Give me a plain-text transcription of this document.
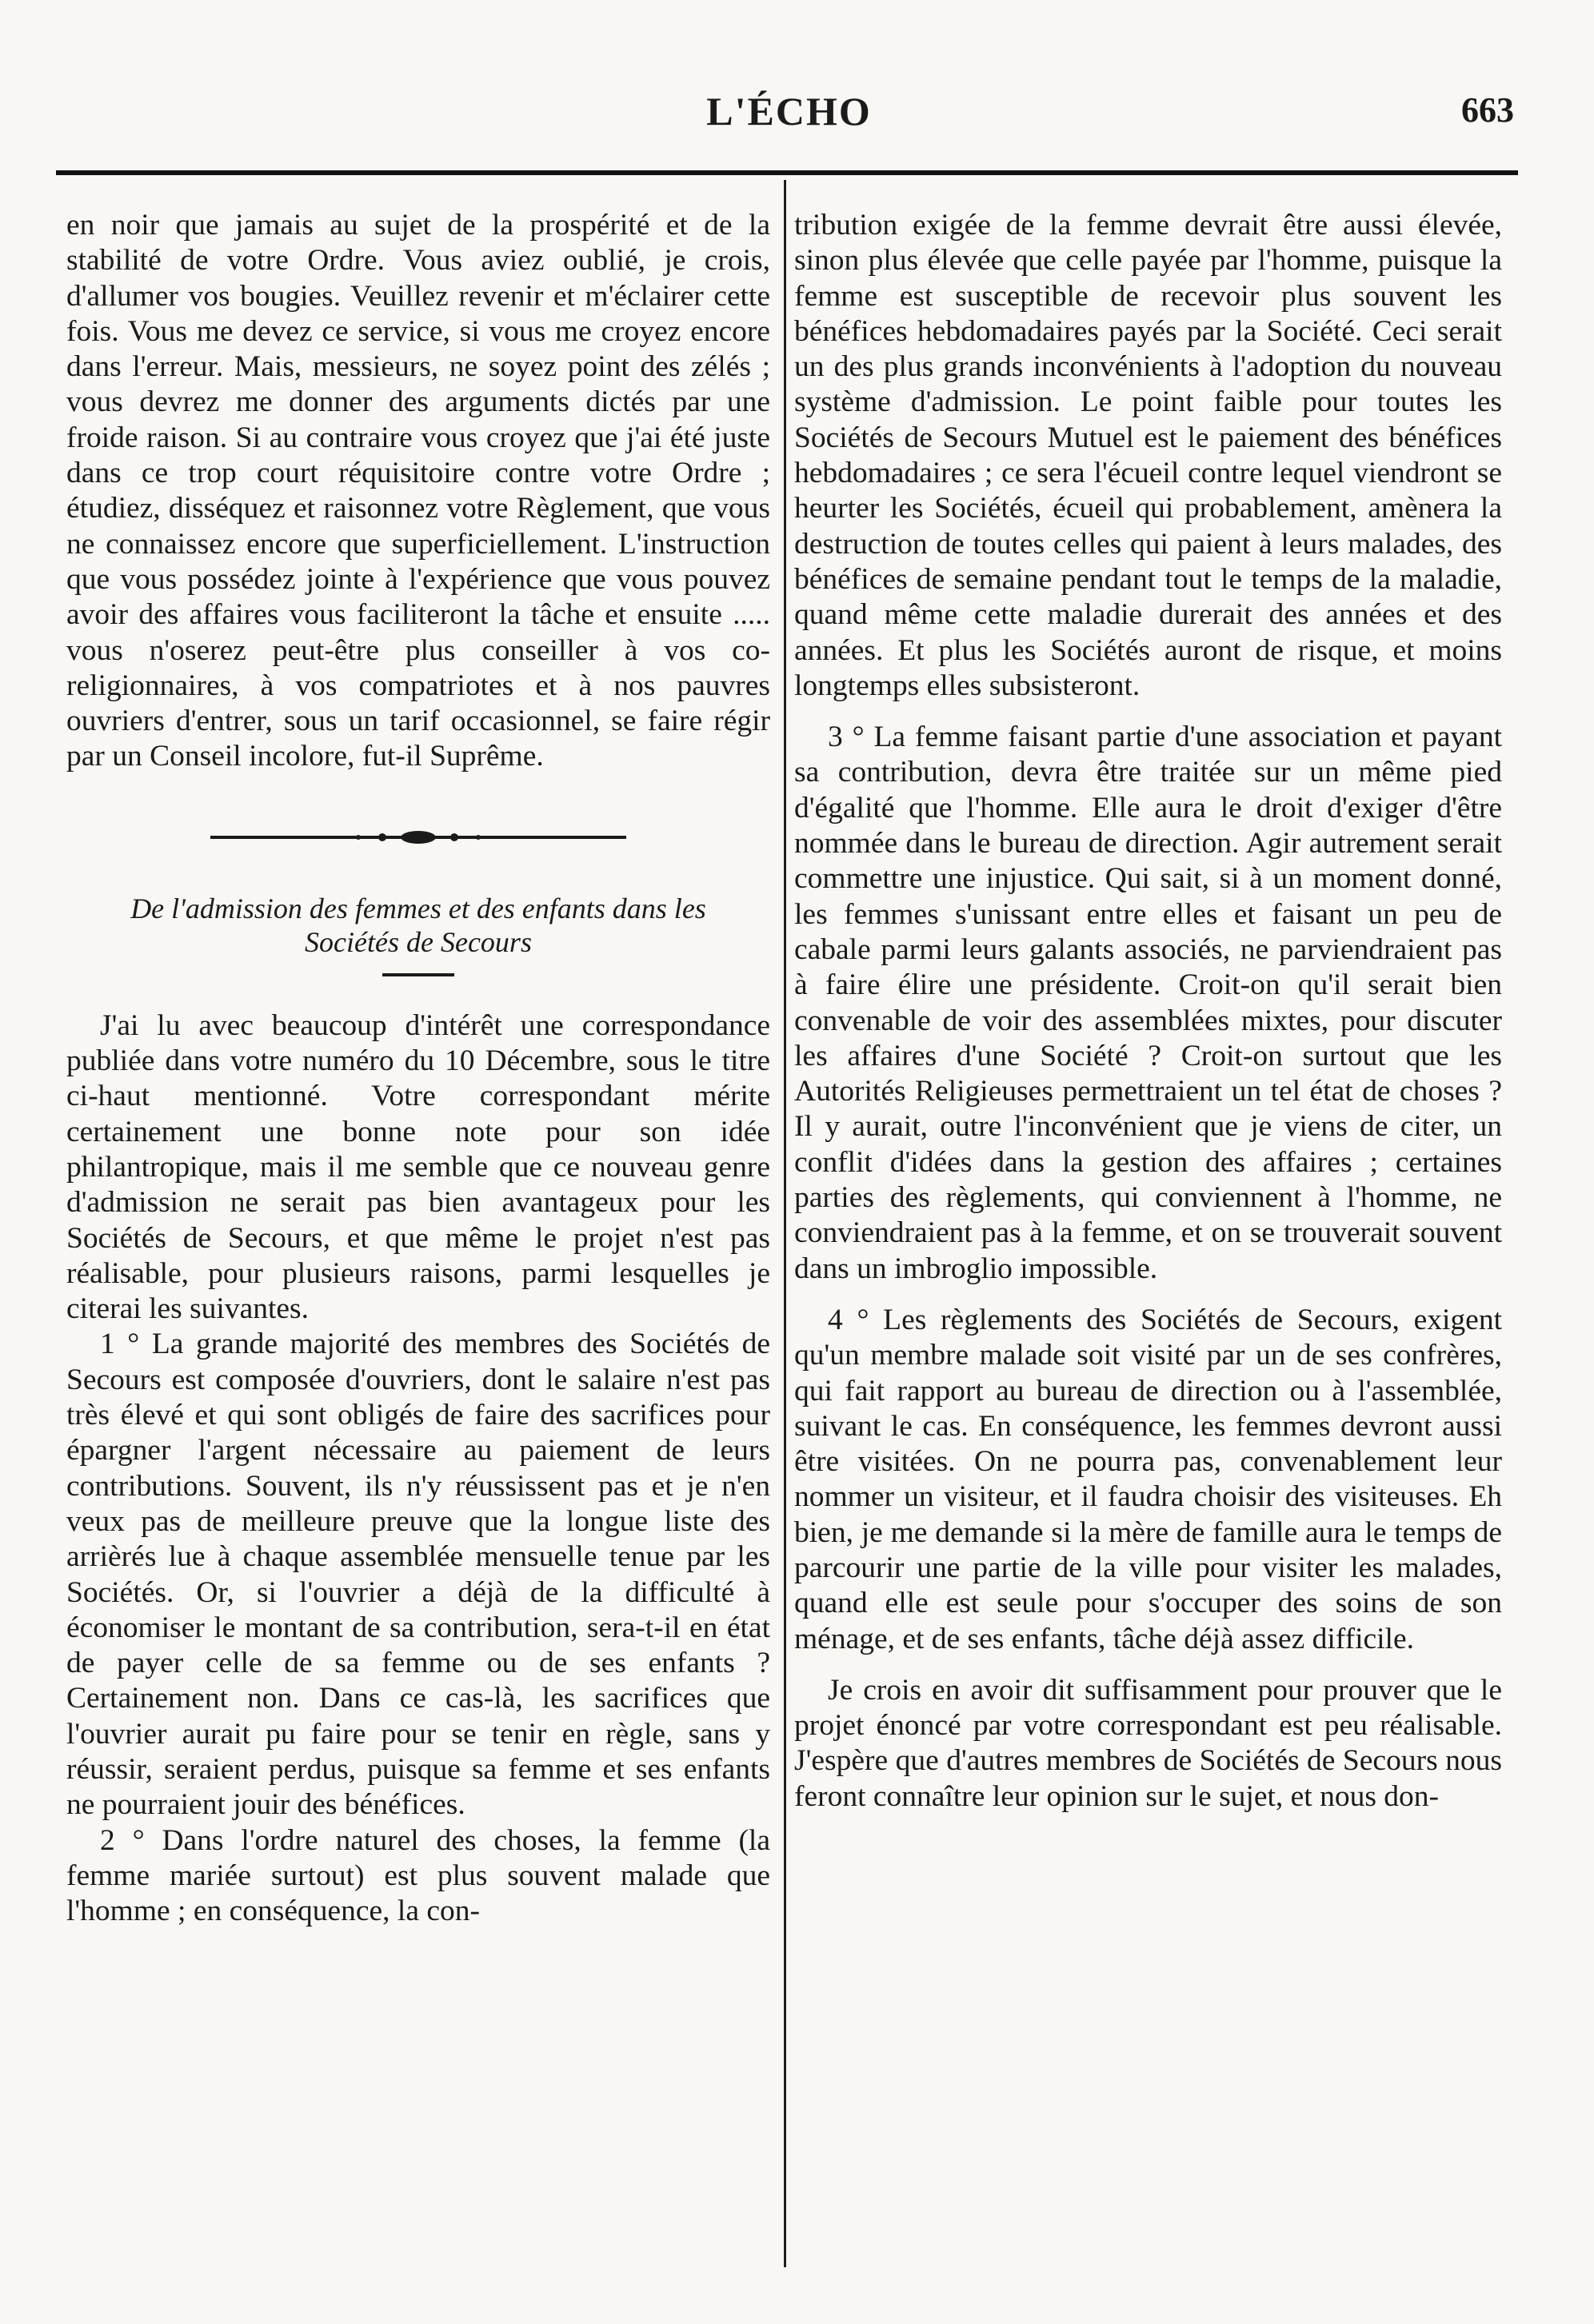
L'ÉCHO	663

en noir que jamais au sujet de la prospérité et de la stabilité de votre Ordre. Vous aviez oublié, je crois, d'allumer vos bougies. Veuillez revenir et m'éclairer cette fois. Vous me devez ce service, si vous me croyez encore dans l'erreur. Mais, messieurs, ne soyez point des zélés ; vous devrez me donner des arguments dictés par une froide raison. Si au contraire vous croyez que j'ai été juste dans ce trop court réquisitoire contre votre Ordre ; étudiez, disséquez et raisonnez votre Règlement, que vous ne connaissez encore que superficiellement. L'instruction que vous possédez jointe à l'expérience que vous pouvez avoir des affaires vous faciliteront la tâche et ensuite ..... vous n'oserez peut-être plus conseiller à vos co-religionnaires, à vos compatriotes et à nos pauvres ouvriers d'entrer, sous un tarif occasionnel, se faire régir par un Conseil incolore, fut-il Suprême.

De l'admission des femmes et des enfants dans les
Sociétés de Secours

J'ai lu avec beaucoup d'intérêt une correspondance publiée dans votre numéro du 10 Décembre, sous le titre ci-haut mentionné. Votre correspondant mérite certainement une bonne note pour son idée philantropique, mais il me semble que ce nouveau genre d'admission ne serait pas bien avantageux pour les Sociétés de Secours, et que même le projet n'est pas réalisable, pour plusieurs raisons, parmi lesquelles je citerai les suivantes.

1 ° La grande majorité des membres des Sociétés de Secours est composée d'ouvriers, dont le salaire n'est pas très élevé et qui sont obligés de faire des sacrifices pour épargner l'argent nécessaire au paiement de leurs contributions. Souvent, ils n'y réussissent pas et je n'en veux pas de meilleure preuve que la longue liste des arrièrés lue à chaque assemblée mensuelle tenue par les Sociétés. Or, si l'ouvrier a déjà de la difficulté à économiser le montant de sa contribution, sera-t-il en état de payer celle de sa femme ou de ses enfants ? Certainement non. Dans ce cas-là, les sacrifices que l'ouvrier aurait pu faire pour se tenir en règle, sans y réussir, seraient perdus, puisque sa femme et ses enfants ne pourraient jouir des bénéfices.

2 ° Dans l'ordre naturel des choses, la femme (la femme mariée surtout) est plus souvent malade que l'homme ; en conséquence, la con-

tribution exigée de la femme devrait être aussi élevée, sinon plus élevée que celle payée par l'homme, puisque la femme est susceptible de recevoir plus souvent les bénéfices hebdomadaires payés par la Société. Ceci serait un des plus grands inconvénients à l'adoption du nouveau système d'admission. Le point faible pour toutes les Sociétés de Secours Mutuel est le paiement des bénéfices hebdomadaires ; ce sera l'écueil contre lequel viendront se heurter les Sociétés, écueil qui probablement, amènera la destruction de toutes celles qui paient à leurs malades, des bénéfices de semaine pendant tout le temps de la maladie, quand même cette maladie durerait des années et des années. Et plus les Sociétés auront de risque, et moins longtemps elles subsisteront.

3 ° La femme faisant partie d'une association et payant sa contribution, devra être traitée sur un même pied d'égalité que l'homme. Elle aura le droit d'exiger d'être nommée dans le bureau de direction. Agir autrement serait commettre une injustice. Qui sait, si à un moment donné, les femmes s'unissant entre elles et faisant un peu de cabale parmi leurs galants associés, ne parviendraient pas à faire élire une présidente. Croit-on qu'il serait bien convenable de voir des assemblées mixtes, pour discuter les affaires d'une Société ? Croit-on surtout que les Autorités Religieuses permettraient un tel état de choses ? Il y aurait, outre l'inconvénient que je viens de citer, un conflit d'idées dans la gestion des affaires ; certaines parties des règlements, qui conviennent à l'homme, ne conviendraient pas à la femme, et on se trouverait souvent dans un imbroglio impossible.

4 ° Les règlements des Sociétés de Secours, exigent qu'un membre malade soit visité par un de ses confrères, qui fait rapport au bureau de direction ou à l'assemblée, suivant le cas. En conséquence, les femmes devront aussi être visitées. On ne pourra pas, convenablement leur nommer un visiteur, et il faudra choisir des visiteuses. Eh bien, je me demande si la mère de famille aura le temps de parcourir une partie de la ville pour visiter les malades, quand elle est seule pour s'occuper des soins de son ménage, et de ses enfants, tâche déjà assez difficile.

Je crois en avoir dit suffisamment pour prouver que le projet énoncé par votre correspondant est peu réalisable. J'espère que d'autres membres de Sociétés de Secours nous feront connaître leur opinion sur le sujet, et nous don-
